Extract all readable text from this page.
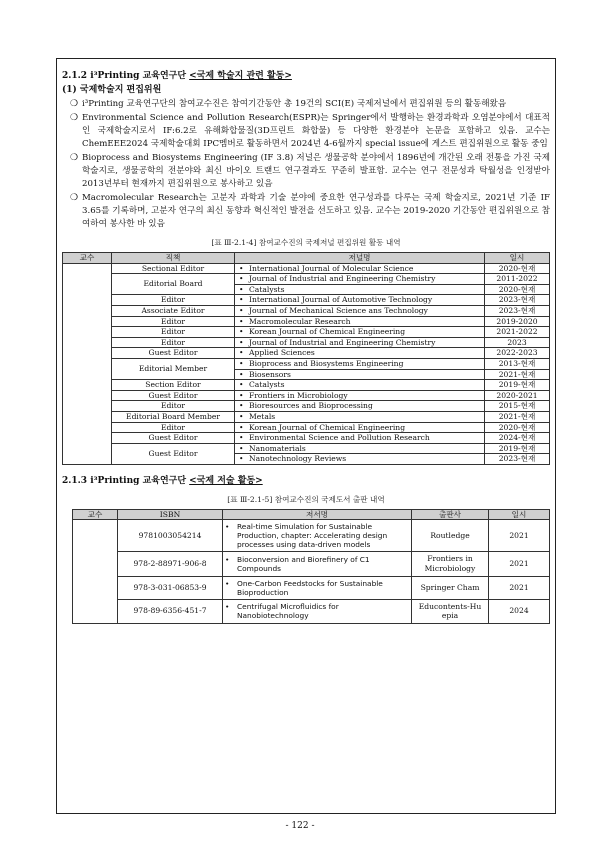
2.1.2 i³Printing 교육연구단 <국제 학술지 관련 활동>
(1) 국제학술지 편집위원
❍ i³Printing 교육연구단의 참여교수진은 참여기간동안 총 19건의 SCI(E) 국제저널에서 편집위원 등의 활동해왔음
❍ Environmental Science and Pollution Research(ESPR)는 Springer에서 발행하는 환경과학과 오염분야에서 대표적인 국제학술지로서 IF:6.2로 유해화합물질(3D프린트 화합물) 등 다양한 환경분야 논문을 포함하고 있음. 교수는 ChemEEE2024 국제학술대회 IPC멤버로 활동하면서 2024년 4-6월까지 special issue에 게스트 편집위원으로 활동 중임
❍ Bioprocess and Biosystems Engineering (IF 3.8) 저널은 생물공학 분야에서 1896년에 개간된 오래 전통을 가진 국제 학술지로, 생물공학의 전분야와 최신 바이오 트랜드 연구결과도 꾸준히 발표함. 교수는 연구 전문성과 탁월성을 인정받아 2013년부터 현재까지 편집위원으로 봉사하고 있음
❍ Macromolecular Research는 고분자 과학과 기술 분야에 중요한 연구성과를 다루는 국제 학술지로, 2021년 기준 IF 3.65를 기록하며, 고분자 연구의 최신 동향과 혁신적인 발전을 선도하고 있음. 교수는 2019-2020 기간동안 편집위원으로 참여하여 봉사한 바 있음
[표 Ⅲ-2.1-4] 참여교수진의 국제저널 편집위원 활동 내역
교수	직책	저널명	일시
	Sectional Editor	• International Journal of Molecular Science	2020-현재
	Editorial Board	• Journal of Industrial and Engineering Chemistry	2011-2022
		• Catalysts	2020-현재
	Editor	• International Journal of Automotive Technology	2023-현재
	Associate Editor	• Journal of Mechanical Science ans Technology	2023-현재
	Editor	• Macromolecular Research	2019-2020
	Editor	• Korean Journal of Chemical Engineering	2021-2022
	Editor	• Journal of Industrial and Engineering Chemistry	2023
	Guest Editor	• Applied Sciences	2022-2023
	Editorial Member	• Bioprocess and Biosystems Engineering	2013-현재
		• Biosensors	2021-현재
	Section Editor	• Catalysts	2019-현재
	Guest Editor	• Frontiers in Microbiology	2020-2021
	Editor	• Bioresources and Bioprocessing	2015-현재
	Editorial Board Member	• Metals	2021-현재
	Editor	• Korean Journal of Chemical Engineering	2020-현재
	Guest Editor	• Environmental Science and Pollution Research	2024-현재
	Guest Editor	• Nanomaterials	2019-현재
		• Nanotechnology Reviews	2023-현재
2.1.3 i³Printing 교육연구단 <국제 저술 활동>
[표 Ⅲ-2.1-5] 참여교수진의 국제도서 출판 내역
교수	ISBN	저서명	출판사	일시
	9781003054214	• Real-time Simulation for Sustainable Production, chapter: Accelerating design processes using data-driven models	Routledge	2021
	978-2-88971-906-8	• Bioconversion and Biorefinery of C1 Compounds	Frontiers in Microbiology	2021
	978-3-031-06853-9	• One-Carbon Feedstocks for Sustainable Bioproduction	Springer Cham	2021
	978-89-6356-451-7	• Centrifugal Microfluidics for Nanobiotechnology	Educontents-Hu epia	2024
- 122 -
